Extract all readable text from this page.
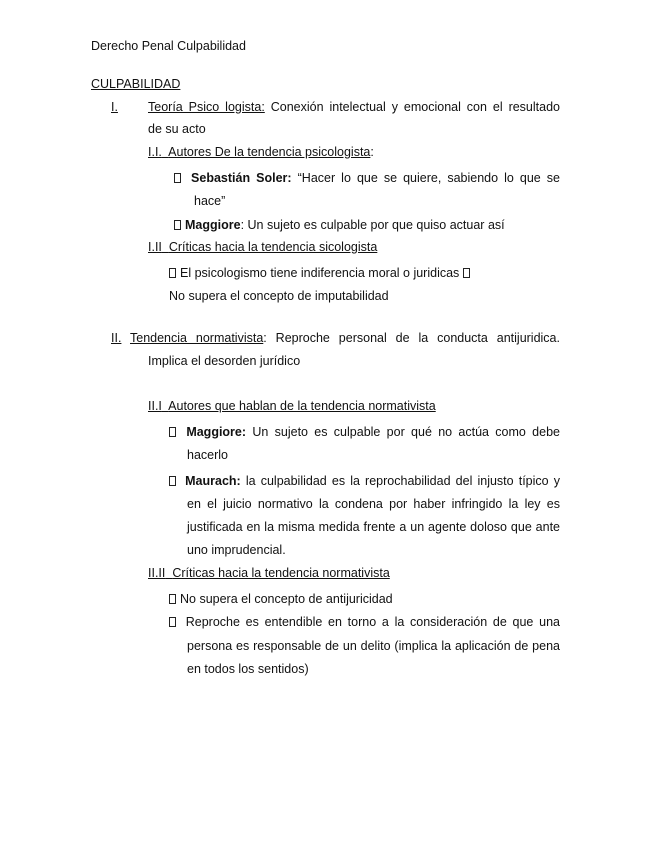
Derecho Penal Culpabilidad
CULPABILIDAD
I. Teoría Psico logista: Conexión intelectual y emocional con el resultado
de su acto
I.I. Autores De la tendencia psicologista:
Sebastián Soler: “Hacer lo que se quiere, sabiendo lo que se
hace”
Maggiore: Un sujeto es culpable por que quiso actuar así
I.II Críticas hacia la tendencia sicologista
El psicologismo tiene indiferencia moral o juridicas
No supera el concepto de imputabilidad
II. Tendencia normativista: Reproche personal de la conducta antijuridica.
Implica el desorden jurídico
II.I Autores que hablan de la tendencia normativista
Maggiore: Un sujeto es culpable por qué no actúa como debe
hacerlo
Maurach: la culpabilidad es la reprochabilidad del injusto típico y
en el juicio normativo la condena por haber infringido la ley es
justificada en la misma medida frente a un agente doloso que ante
uno imprudencial.
II.II Críticas hacia la tendencia normativista
No supera el concepto de antijuricidad
Reproche es entendible en torno a la consideración de que una
persona es responsable de un delito (implica la aplicación de pena
en todos los sentidos)
